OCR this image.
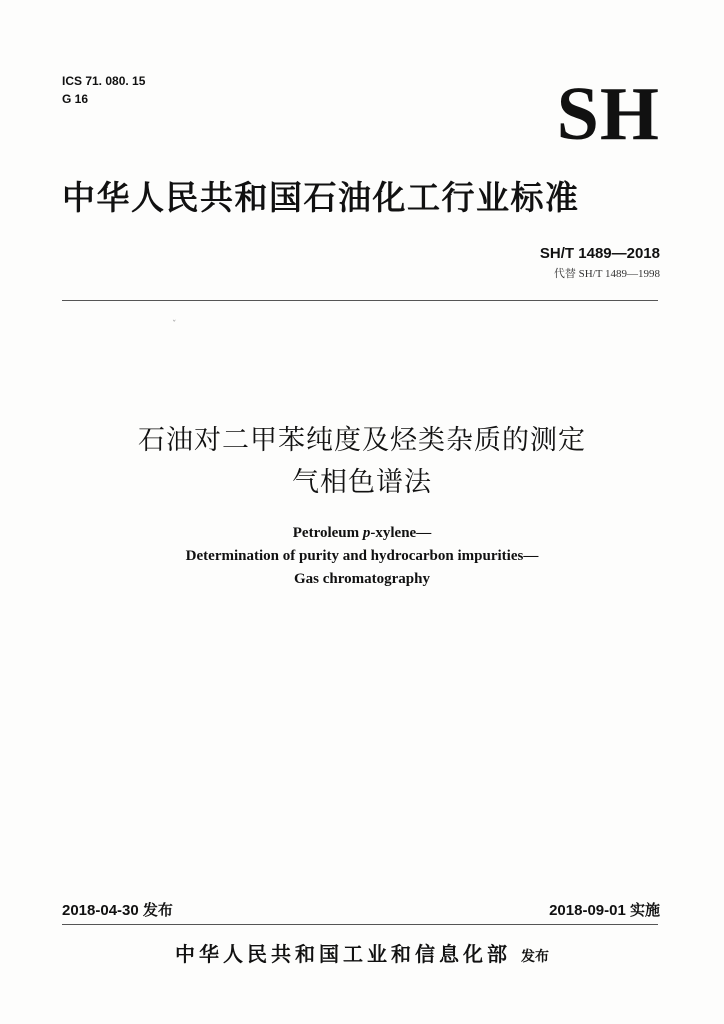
ICS 71. 080. 15
G 16	SH
中华人民共和国石油化工行业标准
SH/T 1489—2018
代替 SH/T 1489—1998
ˇ
石油对二甲苯纯度及烃类杂质的测定
气相色谱法
Petroleum p-xylene—
Determination of purity and hydrocarbon impurities—
Gas chromatography
2018-04-30 发布	2018-09-01 实施
中华人民共和国工业和信息化部 发布
